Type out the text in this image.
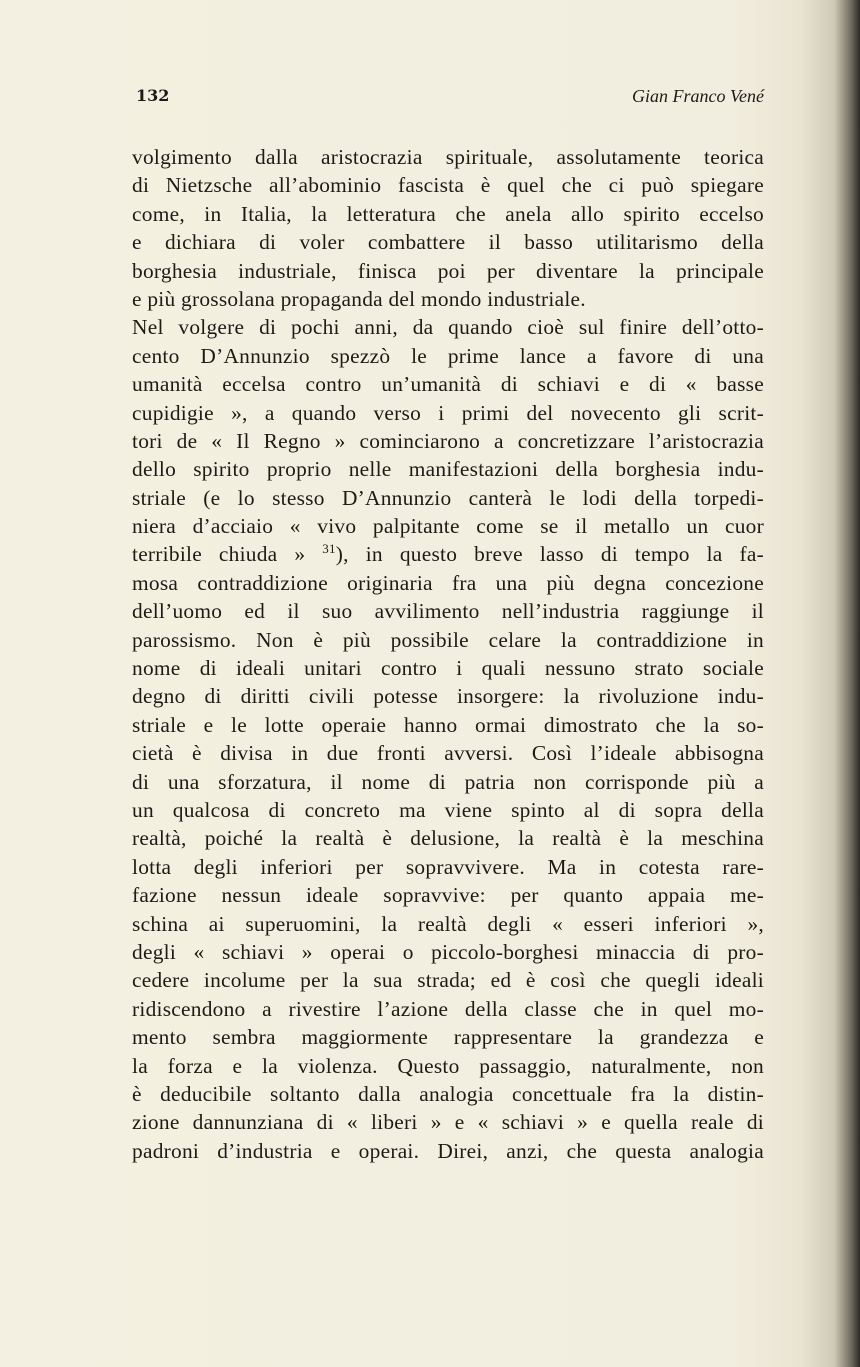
132	Gian Franco Vené
volgimento dalla aristocrazia spirituale, assolutamente teorica
di Nietzsche all’abominio fascista è quel che ci può spiegare
come, in Italia, la letteratura che anela allo spirito eccelso
e dichiara di voler combattere il basso utilitarismo della
borghesia industriale, finisca poi per diventare la principale
e più grossolana propaganda del mondo industriale.
Nel volgere di pochi anni, da quando cioè sul finire dell’otto-
cento D’Annunzio spezzò le prime lance a favore di una
umanità eccelsa contro un’umanità di schiavi e di « basse
cupidigie », a quando verso i primi del novecento gli scrit-
tori de « Il Regno » cominciarono a concretizzare l’aristocrazia
dello spirito proprio nelle manifestazioni della borghesia indu-
striale (e lo stesso D’Annunzio canterà le lodi della torpedi-
niera d’acciaio « vivo palpitante come se il metallo un cuor
terribile chiuda » $^{31}$), in questo breve lasso di tempo la fa-
mosa contraddizione originaria fra una più degna concezione
dell’uomo ed il suo avvilimento nell’industria raggiunge il
parossismo. Non è più possibile celare la contraddizione in
nome di ideali unitari contro i quali nessuno strato sociale
degno di diritti civili potesse insorgere: la rivoluzione indu-
striale e le lotte operaie hanno ormai dimostrato che la so-
cietà è divisa in due fronti avversi. Così l’ideale abbisogna
di una sforzatura, il nome di patria non corrisponde più a
un qualcosa di concreto ma viene spinto al di sopra della
realtà, poiché la realtà è delusione, la realtà è la meschina
lotta degli inferiori per sopravvivere. Ma in cotesta rare-
fazione nessun ideale sopravvive: per quanto appaia me-
schina ai superuomini, la realtà degli « esseri inferiori »,
degli « schiavi » operai o piccolo-borghesi minaccia di pro-
cedere incolume per la sua strada; ed è così che quegli ideali
ridiscendono a rivestire l’azione della classe che in quel mo-
mento sembra maggiormente rappresentare la grandezza e
la forza e la violenza. Questo passaggio, naturalmente, non
è deducibile soltanto dalla analogia concettuale fra la distin-
zione dannunziana di « liberi » e « schiavi » e quella reale di
padroni d’industria e operai. Direi, anzi, che questa analogia
